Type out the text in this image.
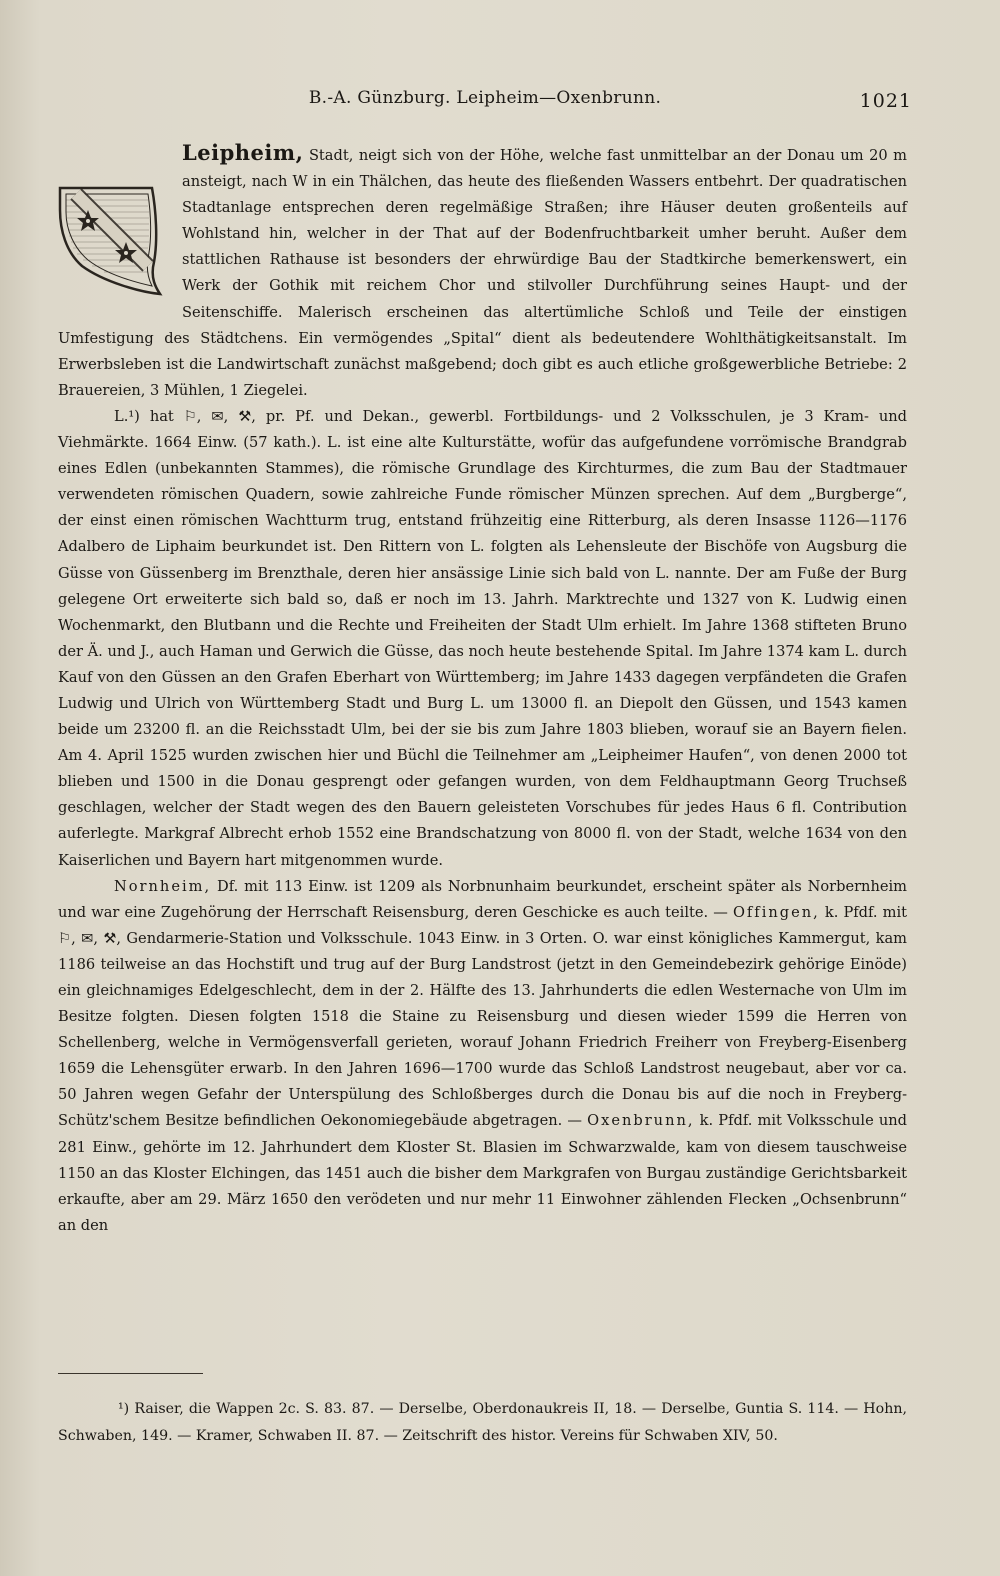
B.-A. Günzburg. Leipheim—Oxenbrunn.	1021

Leipheim, Stadt, neigt sich von der Höhe, welche fast unmittelbar an der Donau um 20 m ansteigt, nach W in ein Thälchen, das heute des fließenden Wassers entbehrt. Der quadratischen Stadtanlage entsprechen deren regelmäßige Straßen; ihre Häuser deuten großenteils auf Wohlstand hin, welcher in der That auf der Bodenfruchtbarkeit umher beruht. Außer dem stattlichen Rathause ist besonders der ehrwürdige Bau der Stadtkirche bemerkenswert, ein Werk der Gothik mit reichem Chor und stilvoller Durchführung seines Haupt- und der Seitenschiffe. Malerisch erscheinen das altertümliche Schloß und Teile der einstigen Umfestigung des Städtchens. Ein vermögendes „Spital“ dient als bedeutendere Wohlthätigkeitsanstalt. Im Erwerbsleben ist die Landwirtschaft zunächst maßgebend; doch gibt es auch etliche großgewerbliche Betriebe: 2 Brauereien, 3 Mühlen, 1 Ziegelei.

L.¹) hat ⚐, ✉, ⚒, pr. Pf. und Dekan., gewerbl. Fortbildungs- und 2 Volksschulen, je 3 Kram- und Viehmärkte. 1664 Einw. (57 kath.). L. ist eine alte Kulturstätte, wofür das aufgefundene vorrömische Brandgrab eines Edlen (unbekannten Stammes), die römische Grundlage des Kirchturmes, die zum Bau der Stadtmauer verwendeten römischen Quadern, sowie zahlreiche Funde römischer Münzen sprechen. Auf dem „Burgberge“, der einst einen römischen Wachtturm trug, entstand frühzeitig eine Ritterburg, als deren Insasse 1126—1176 Adalbero de Liphaim beurkundet ist. Den Rittern von L. folgten als Lehensleute der Bischöfe von Augsburg die Güsse von Güssenberg im Brenzthale, deren hier ansässige Linie sich bald von L. nannte. Der am Fuße der Burg gelegene Ort erweiterte sich bald so, daß er noch im 13. Jahrh. Marktrechte und 1327 von K. Ludwig einen Wochenmarkt, den Blutbann und die Rechte und Freiheiten der Stadt Ulm erhielt. Im Jahre 1368 stifteten Bruno der Ä. und J., auch Haman und Gerwich die Güsse, das noch heute bestehende Spital. Im Jahre 1374 kam L. durch Kauf von den Güssen an den Grafen Eberhart von Württemberg; im Jahre 1433 dagegen verpfändeten die Grafen Ludwig und Ulrich von Württemberg Stadt und Burg L. um 13000 fl. an Diepolt den Güssen, und 1543 kamen beide um 23200 fl. an die Reichsstadt Ulm, bei der sie bis zum Jahre 1803 blieben, worauf sie an Bayern fielen. Am 4. April 1525 wurden zwischen hier und Büchl die Teilnehmer am „Leipheimer Haufen“, von denen 2000 tot blieben und 1500 in die Donau gesprengt oder gefangen wurden, von dem Feldhauptmann Georg Truchseß geschlagen, welcher der Stadt wegen des den Bauern geleisteten Vorschubes für jedes Haus 6 fl. Contribution auferlegte. Markgraf Albrecht erhob 1552 eine Brandschatzung von 8000 fl. von der Stadt, welche 1634 von den Kaiserlichen und Bayern hart mitgenommen wurde.

Nornheim, Df. mit 113 Einw. ist 1209 als Norbnunhaim beurkundet, erscheint später als Norbernheim und war eine Zugehörung der Herrschaft Reisensburg, deren Geschicke es auch teilte. — Offingen, k. Pfdf. mit ⚐, ✉, ⚒, Gendarmerie-Station und Volksschule. 1043 Einw. in 3 Orten. O. war einst königliches Kammergut, kam 1186 teilweise an das Hochstift und trug auf der Burg Landstrost (jetzt in den Gemeindebezirk gehörige Einöde) ein gleichnamiges Edelgeschlecht, dem in der 2. Hälfte des 13. Jahrhunderts die edlen Westernache von Ulm im Besitze folgten. Diesen folgten 1518 die Staine zu Reisensburg und diesen wieder 1599 die Herren von Schellenberg, welche in Vermögensverfall gerieten, worauf Johann Friedrich Freiherr von Freyberg-Eisenberg 1659 die Lehensgüter erwarb. In den Jahren 1696—1700 wurde das Schloß Landstrost neugebaut, aber vor ca. 50 Jahren wegen Gefahr der Unterspülung des Schloßberges durch die Donau bis auf die noch in Freyberg-Schütz'schem Besitze befindlichen Oekonomiegebäude abgetragen. — Oxenbrunn, k. Pfdf. mit Volksschule und 281 Einw., gehörte im 12. Jahrhundert dem Kloster St. Blasien im Schwarzwalde, kam von diesem tauschweise 1150 an das Kloster Elchingen, das 1451 auch die bisher dem Markgrafen von Burgau zuständige Gerichtsbarkeit erkaufte, aber am 29. März 1650 den verödeten und nur mehr 11 Einwohner zählenden Flecken „Ochsenbrunn“ an den

¹) Raiser, die Wappen 2c. S. 83. 87. — Derselbe, Oberdonaukreis II, 18. — Derselbe, Guntia S. 114. — Hohn, Schwaben, 149. — Kramer, Schwaben II. 87. — Zeitschrift des histor. Vereins für Schwaben XIV, 50.
